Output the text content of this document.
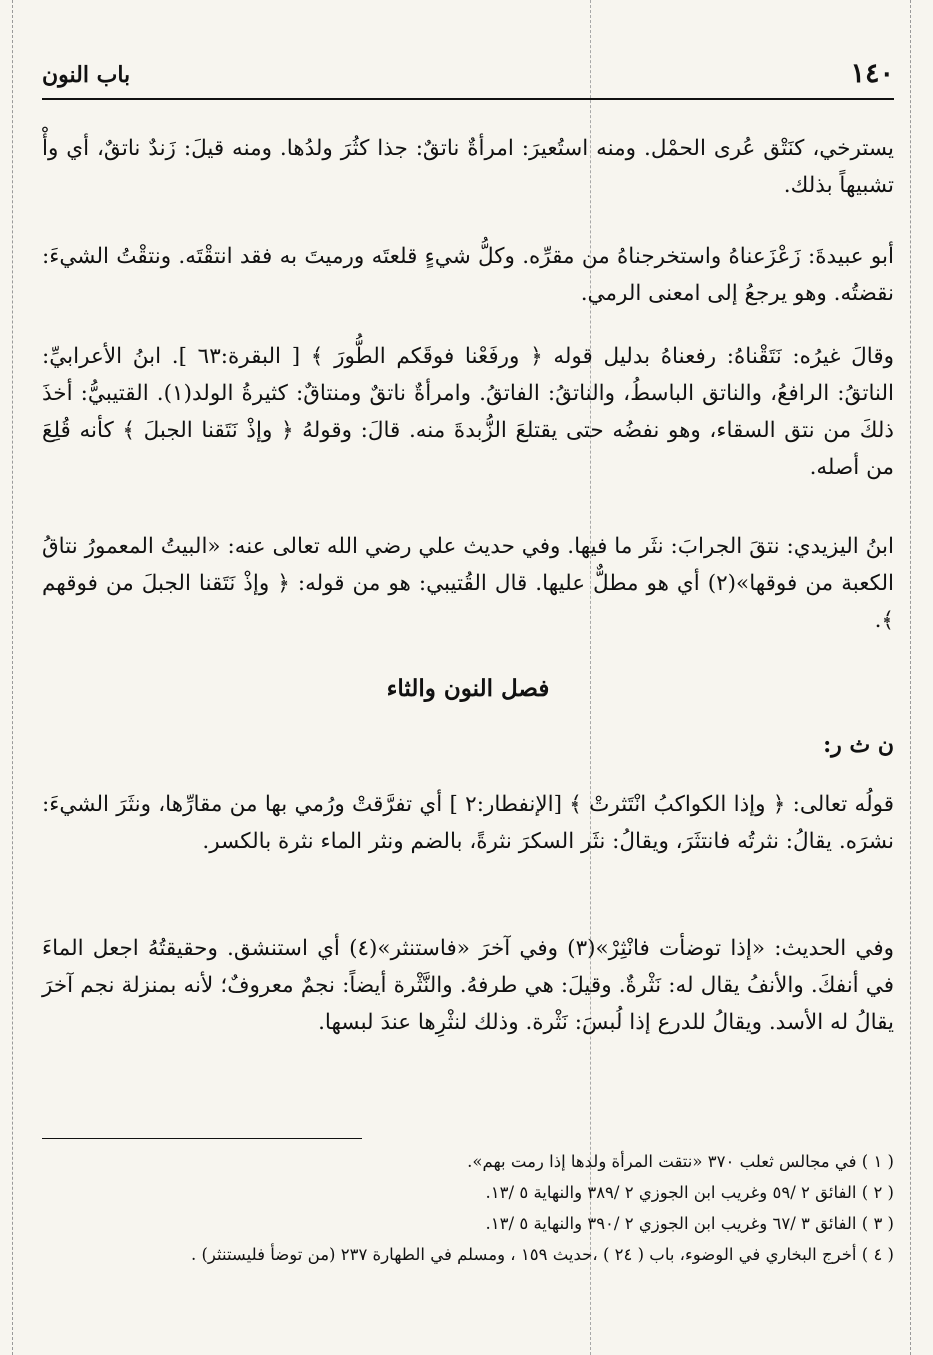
١٤٠
باب النون

يسترخي، كنَتْق عُرى الحمْل. ومنه استُعيرَ: امرأةٌ ناتقٌ: جذا كثُرَ ولدُها. ومنه قيلَ: زَندٌ ناتقٌ، أي وأْ تشبيهاً بذلك.

أبو عبيدةَ: زَعْزَعناهُ واستخرجناهُ من مقرِّه. وكلُّ شيءٍ قلعتَه ورميتَ به فقد انتقْتَه. ونتقْتُ الشيءَ: نقضتُه. وهو يرجعُ إلى امعنى الرمي.

وقالَ غيرُه: نَتَقْناهُ: رفعناهُ بدليل قوله ﴿ ورفَعْنا فوقَكم الطُّورَ ﴾ [ البقرة:٦٣ ]. ابنُ الأعرابيِّ: الناتقُ: الرافعُ، والناتق الباسطُ، والناتقُ: الفاتقُ. وامرأةٌ ناتقٌ ومنتاقٌ: كثيرةُ الولد(١). القتيبيُّ: أخذَ ذلكَ من نتق السقاء، وهو نفضُه حتى يقتلعَ الزُّبدةَ منه. قالَ: وقولهُ ﴿ وإذْ نَتَقنا الجبلَ ﴾ كأنه قُلِعَ من أصله.

ابنُ اليزيدي: نتقَ الجرابَ: نثَر ما فيها. وفي حديث علي رضي الله تعالى عنه: «البيتُ المعمورُ نتاقُ الكعبة من فوقها»(٢) أي هو مطلٌّ عليها. قال القُتيبي: هو من قوله: ﴿ وإذْ نَتَقنا الجبلَ من فوقهم ﴾.

فصل النون والثاء
ن ث ر:

قولُه تعالى: ﴿ وإذا الكواكبُ انْتَثرتْ ﴾ [الإنفطار:٢ ] أي تفرَّقتْ ورُمي بها من مقارِّها، ونثَرَ الشيءَ: نشرَه. يقالُ: نثرتُه فانتثَرَ، ويقالُ: نثَر السكرَ نثرةً، بالضم ونثر الماء نثرة بالكسر.

وفي الحديث: «إذا توضأت فانْثِرْ»(٣) وفي آخرَ «فاستنثر»(٤) أي استنشق. وحقيقتُهُ اجعل الماءَ في أنفكَ. والأنفُ يقال له: نَثْرةٌ. وقيلَ: هي طرفهُ. والنَّثْرة أيضاً: نجمٌ معروفٌ؛ لأنه بمنزلة نجم آخرَ يقالُ له الأسد. ويقالُ للدرع إذا لُبسَ: نَثْرة. وذلك لنثْرِها عندَ لبسها.

( ١ ) في مجالس ثعلب ٣٧٠ «نتقت المرأة ولدها إذا رمت بهم».
( ٢ ) الفائق ٢ /٥٩ وغريب ابن الجوزي ٢ /٣٨٩ والنهاية ٥ /١٣.
( ٣ ) الفائق ٣ /٦٧ وغريب ابن الجوزي ٢ /٣٩٠ والنهاية ٥ /١٣.
( ٤ ) أخرج البخاري في الوضوء، باب ( ٢٤ ) ،حديث ١٥٩ ، ومسلم في الطهارة ٢٣٧ (من توضأ فليستنثر) .
